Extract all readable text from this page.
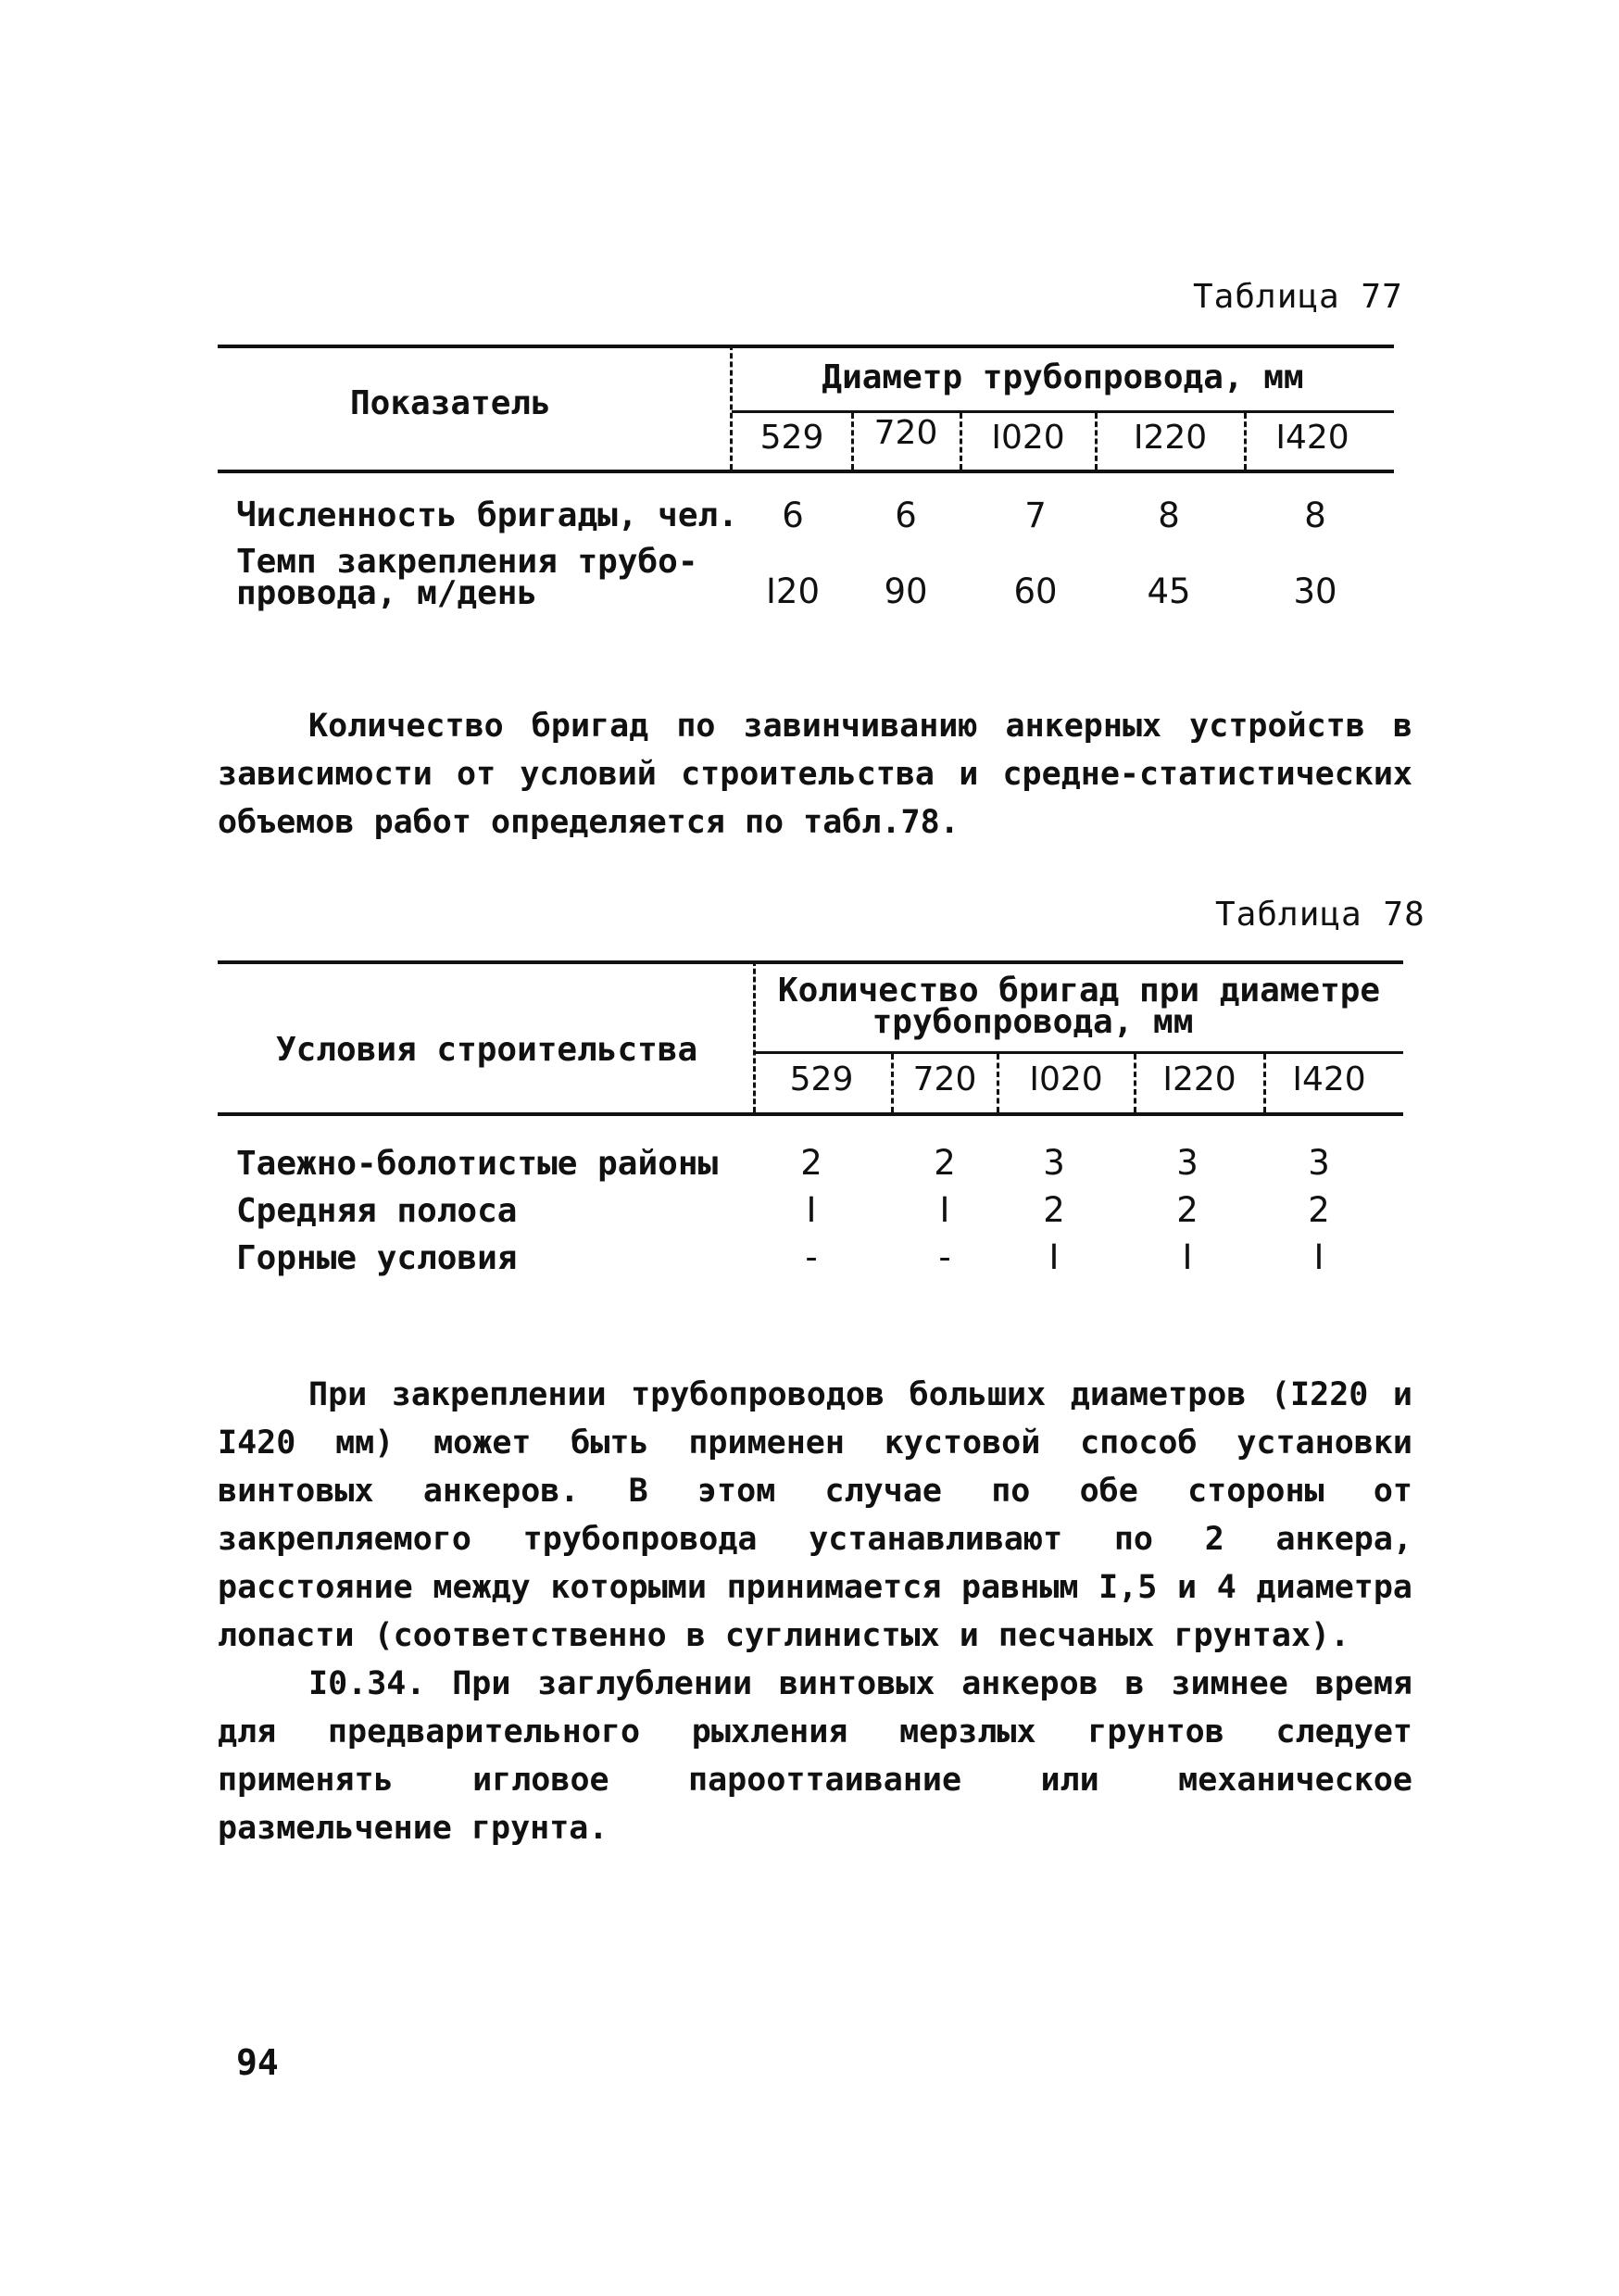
Таблица 77
Показатель
Диаметр трубопровода, мм
529	720	I020	I220	I420
Численность бригады, чел.	6	6	7	8	8
Темп закрепления трубо-
провода, м/день	I20	90	60	45	30
Количество бригад по завинчиванию анкерных устройств в зависимости от условий строительства и средне-статистических объемов работ определяется по табл.78.
Таблица 78
Условия строительства
Количество бригад при диаметре
трубопровода, мм
529	720	I020	I220	I420
Таежно-болотистые районы	2	2	3	3	3
Средняя полоса	I	I	2	2	2
Горные условия	-	-	I	I	I
При закреплении трубопроводов больших диаметров (I220 и I420 мм) может быть применен кустовой способ установки винтовых анкеров. В этом случае по обе стороны от закрепляемого трубопровода устанавливают по 2 анкера, расстояние между которыми принимается равным I,5 и 4 диаметра лопасти (соответственно в суглинистых и песчаных грунтах).
I0.34. При заглублении винтовых анкеров в зимнее время для предварительного рыхления мерзлых грунтов следует применять игловое парооттаивание или механическое размельчение грунта.
94
